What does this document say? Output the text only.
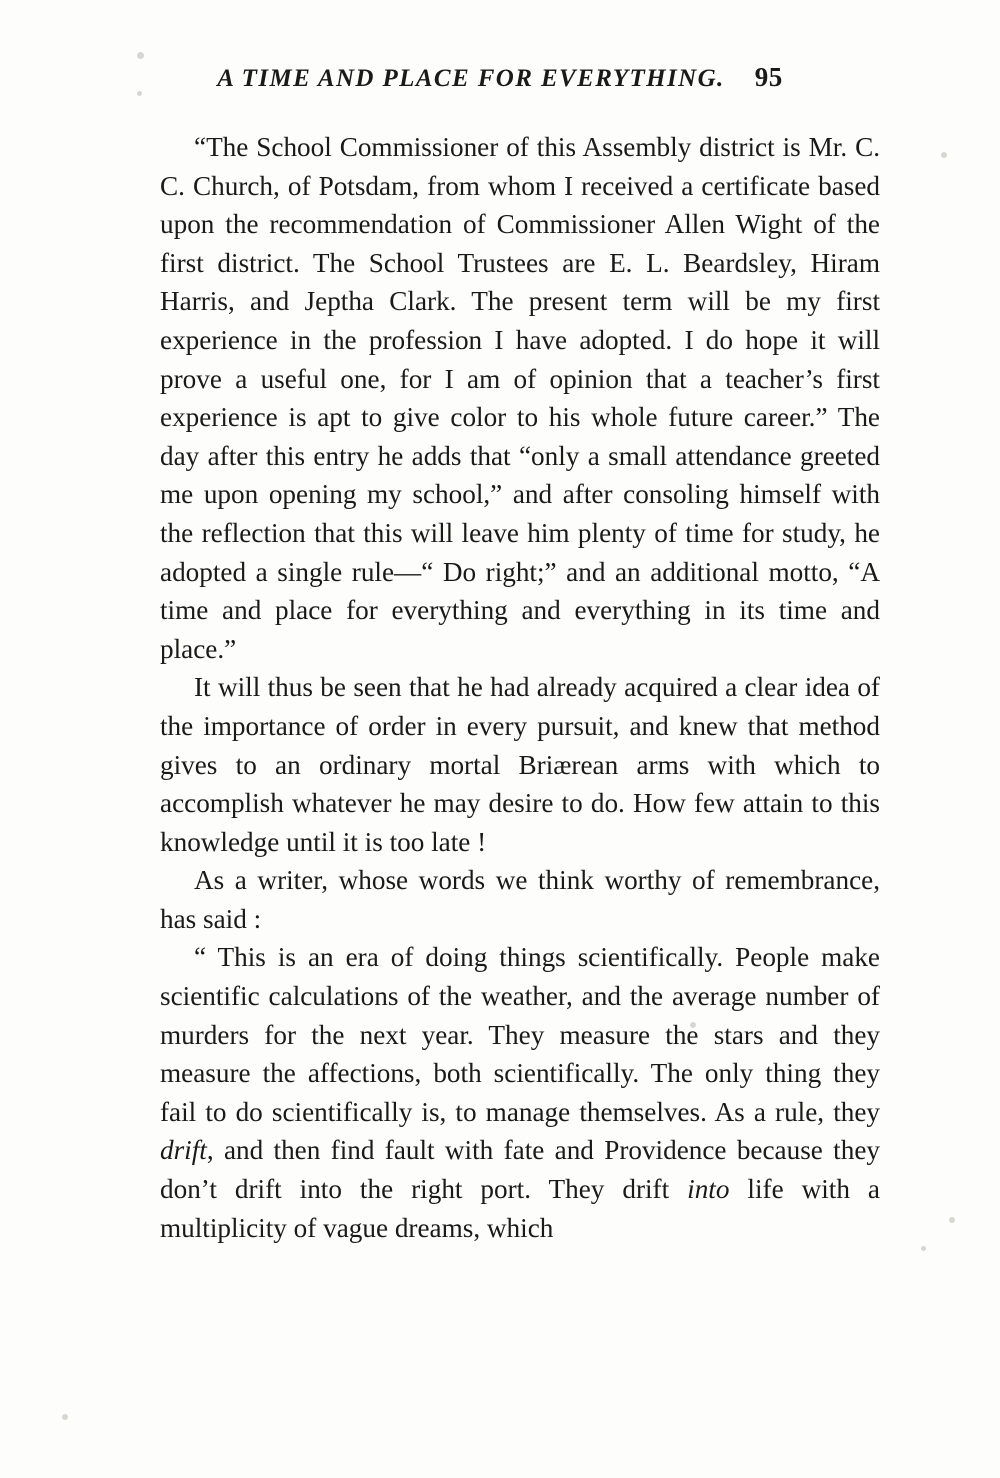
A TIME AND PLACE FOR EVERYTHING. 95

“The School Commissioner of this Assembly district is Mr. C. C. Church, of Potsdam, from whom I received a certificate based upon the recommendation of Commissioner Allen Wight of the first district. The School Trustees are E. L. Beardsley, Hiram Harris, and Jeptha Clark. The present term will be my first experience in the profession I have adopted. I do hope it will prove a useful one, for I am of opinion that a teacher’s first experience is apt to give color to his whole future career.” The day after this entry he adds that “only a small attendance greeted me upon opening my school,” and after consoling himself with the reflection that this will leave him plenty of time for study, he adopted a single rule—“ Do right;” and an additional motto, “A time and place for everything and everything in its time and place.”

It will thus be seen that he had already acquired a clear idea of the importance of order in every pursuit, and knew that method gives to an ordinary mortal Briærean arms with which to accomplish whatever he may desire to do. How few attain to this knowledge until it is too late !

As a writer, whose words we think worthy of remembrance, has said :

“ This is an era of doing things scientifically. People make scientific calculations of the weather, and the average number of murders for the next year. They measure the stars and they measure the affections, both scientifically. The only thing they fail to do scientifically is, to manage themselves. As a rule, they drift, and then find fault with fate and Providence because they don’t drift into the right port. They drift into life with a multiplicity of vague dreams, which
